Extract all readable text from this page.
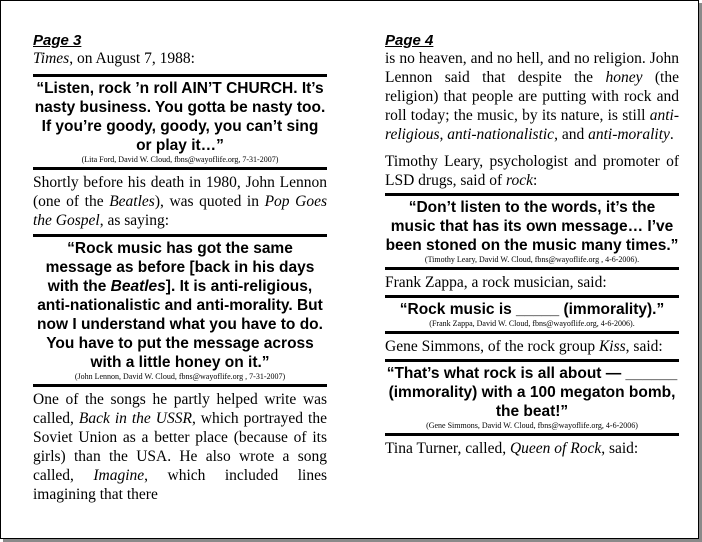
Page 3

Times, on August 7, 1988:

“Listen, rock ’n roll AIN’T CHURCH. It’s nasty business. You gotta be nasty too. If you’re goody, goody, you can’t sing or play it…”

(Lita Ford, David W. Cloud, fbns@wayoflife.org, 7-31-2007)

Shortly before his death in 1980, John Lennon (one of the Beatles), was quoted in Pop Goes the Gospel, as saying:

“Rock music has got the same message as before [back in his days with the Beatles]. It is anti-religious, anti-nationalistic and anti-morality. But now I understand what you have to do. You have to put the message across with a little honey on it.”

(John Lennon, David W. Cloud, fbns@wayoflife.org , 7-31-2007)

One of the songs he partly helped write was called, Back in the USSR, which portrayed the Soviet Union as a better place (because of its girls) than the USA. He also wrote a song called, Imagine, which included lines imagining that there

Page 4

is no heaven, and no hell, and no religion. John Lennon said that despite the honey (the religion) that people are putting with rock and roll today; the music, by its nature, is still anti-religious, anti-nationalistic, and anti-morality.

Timothy Leary, psychologist and promoter of LSD drugs, said of rock:

“Don’t listen to the words, it’s the music that has its own message… I’ve been stoned on the music many times.”

(Timothy Leary, David W. Cloud, fbns@wayoflife.org , 4-6-2006).

Frank Zappa, a rock musician, said:

“Rock music is _____ (immorality).”

(Frank Zappa, David W. Cloud, fbns@wayoflife.org, 4-6-2006).

Gene Simmons, of the rock group Kiss, said:

“That’s what rock is all about — ______ (immorality) with a 100 megaton bomb, the beat!”

(Gene Simmons, David W. Cloud, fbns@wayoflife.org, 4-6-2006)

Tina Turner, called, Queen of Rock, said:
